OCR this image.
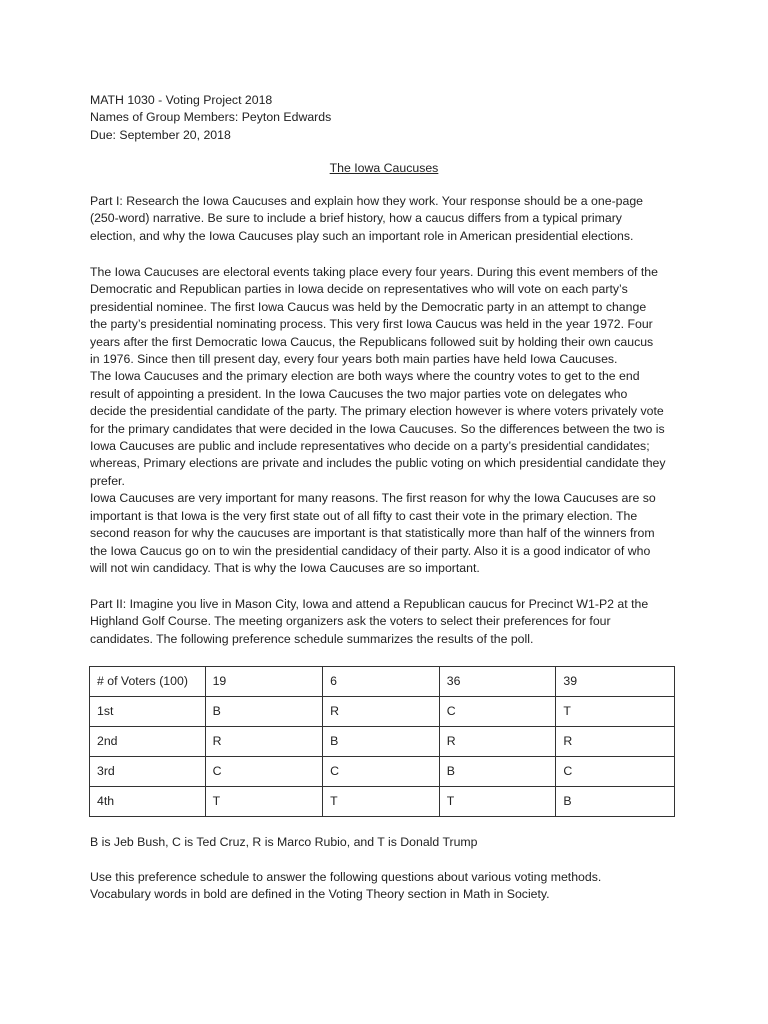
MATH 1030 - Voting Project 2018
Names of Group Members: Peyton Edwards
Due: September 20, 2018
The Iowa Caucuses
Part I: Research the Iowa Caucuses and explain how they work. Your response should be a one-page
(250-word) narrative. Be sure to include a brief history, how a caucus differs from a typical primary
election, and why the Iowa Caucuses play such an important role in American presidential elections.
The Iowa Caucuses are electoral events taking place every four years. During this event members of the
Democratic and Republican parties in Iowa decide on representatives who will vote on each party’s
presidential nominee. The first Iowa Caucus was held by the Democratic party in an attempt to change
the party’s presidential nominating process. This very first Iowa Caucus was held in the year 1972. Four
years after the first Democratic Iowa Caucus, the Republicans followed suit by holding their own caucus
in 1976. Since then till present day, every four years both main parties have held Iowa Caucuses.
The Iowa Caucuses and the primary election are both ways where the country votes to get to the end
result of appointing a president. In the Iowa Caucuses the two major parties vote on delegates who
decide the presidential candidate of the party. The primary election however is where voters privately vote
for the primary candidates that were decided in the Iowa Caucuses. So the differences between the two is
Iowa Caucuses are public and include representatives who decide on a party’s presidential candidates;
whereas, Primary elections are private and includes the public voting on which presidential candidate they
prefer.
Iowa Caucuses are very important for many reasons. The first reason for why the Iowa Caucuses are so
important is that Iowa is the very first state out of all fifty to cast their vote in the primary election. The
second reason for why the caucuses are important is that statistically more than half of the winners from
the Iowa Caucus go on to win the presidential candidacy of their party. Also it is a good indicator of who
will not win candidacy. That is why the Iowa Caucuses are so important.
Part II: Imagine you live in Mason City, Iowa and attend a Republican caucus for Precinct W1-P2 at the
Highland Golf Course. The meeting organizers ask the voters to select their preferences for four
candidates. The following preference schedule summarizes the results of the poll.
# of Voters (100)	19	6	36	39
1st	B	R	C	T
2nd	R	B	R	R
3rd	C	C	B	C
4th	T	T	T	B
B is Jeb Bush, C is Ted Cruz, R is Marco Rubio, and T is Donald Trump
Use this preference schedule to answer the following questions about various voting methods.
Vocabulary words in bold are defined in the Voting Theory section in Math in Society.
